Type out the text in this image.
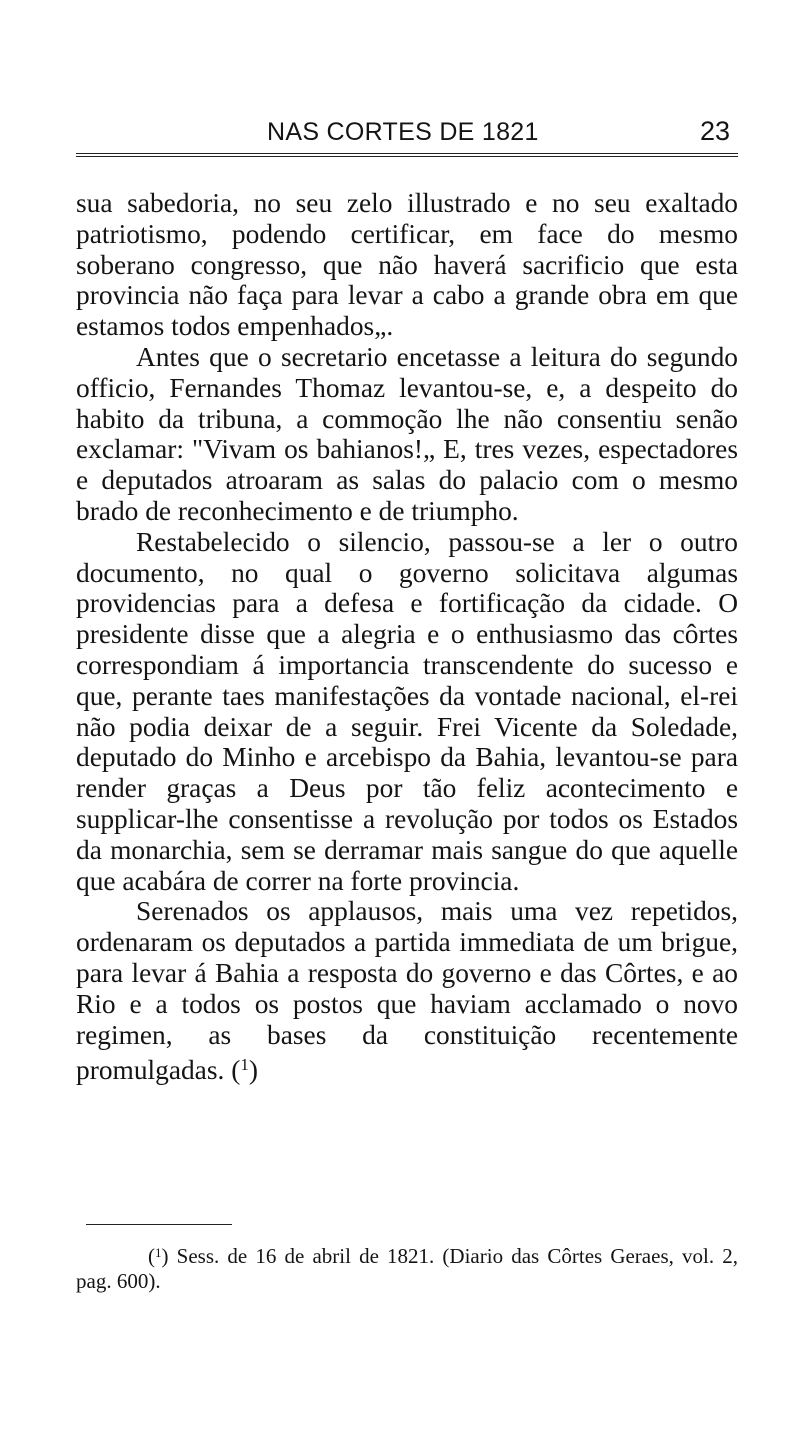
NAS CORTES DE 1821	23

sua sabedoria, no seu zelo illustrado e no seu exaltado patriotismo, podendo certificar, em face do mesmo soberano congresso, que não haverá sacrificio que esta provincia não faça para levar a cabo a grande obra em que estamos todos empenhados„.

Antes que o secretario encetasse a leitura do segundo officio, Fernandes Thomaz levantou-se, e, a despeito do habito da tribuna, a commoção lhe não consentiu senão exclamar: "Vivam os bahianos!„ E, tres vezes, espectadores e deputados atroaram as salas do palacio com o mesmo brado de reconhecimento e de triumpho.

Restabelecido o silencio, passou-se a ler o outro documento, no qual o governo solicitava algumas providencias para a defesa e fortificação da cidade. O presidente disse que a alegria e o enthusiasmo das côrtes correspondiam á importancia transcendente do sucesso e que, perante taes manifestações da vontade nacional, el-rei não podia deixar de a seguir. Frei Vicente da Soledade, deputado do Minho e arcebispo da Bahia, levantou-se para render graças a Deus por tão feliz acontecimento e supplicar-lhe consentisse a revolução por todos os Estados da monarchia, sem se derramar mais sangue do que aquelle que acabára de correr na forte provincia.

Serenados os applausos, mais uma vez repetidos, ordenaram os deputados a partida immediata de um brigue, para levar á Bahia a resposta do governo e das Côrtes, e ao Rio e a todos os postos que haviam acclamado o novo regimen, as bases da constituição recentemente promulgadas. ($^1$)

($^1$) Sess. de 16 de abril de 1821. (Diario das Côrtes Geraes, vol. 2, pag. 600).
